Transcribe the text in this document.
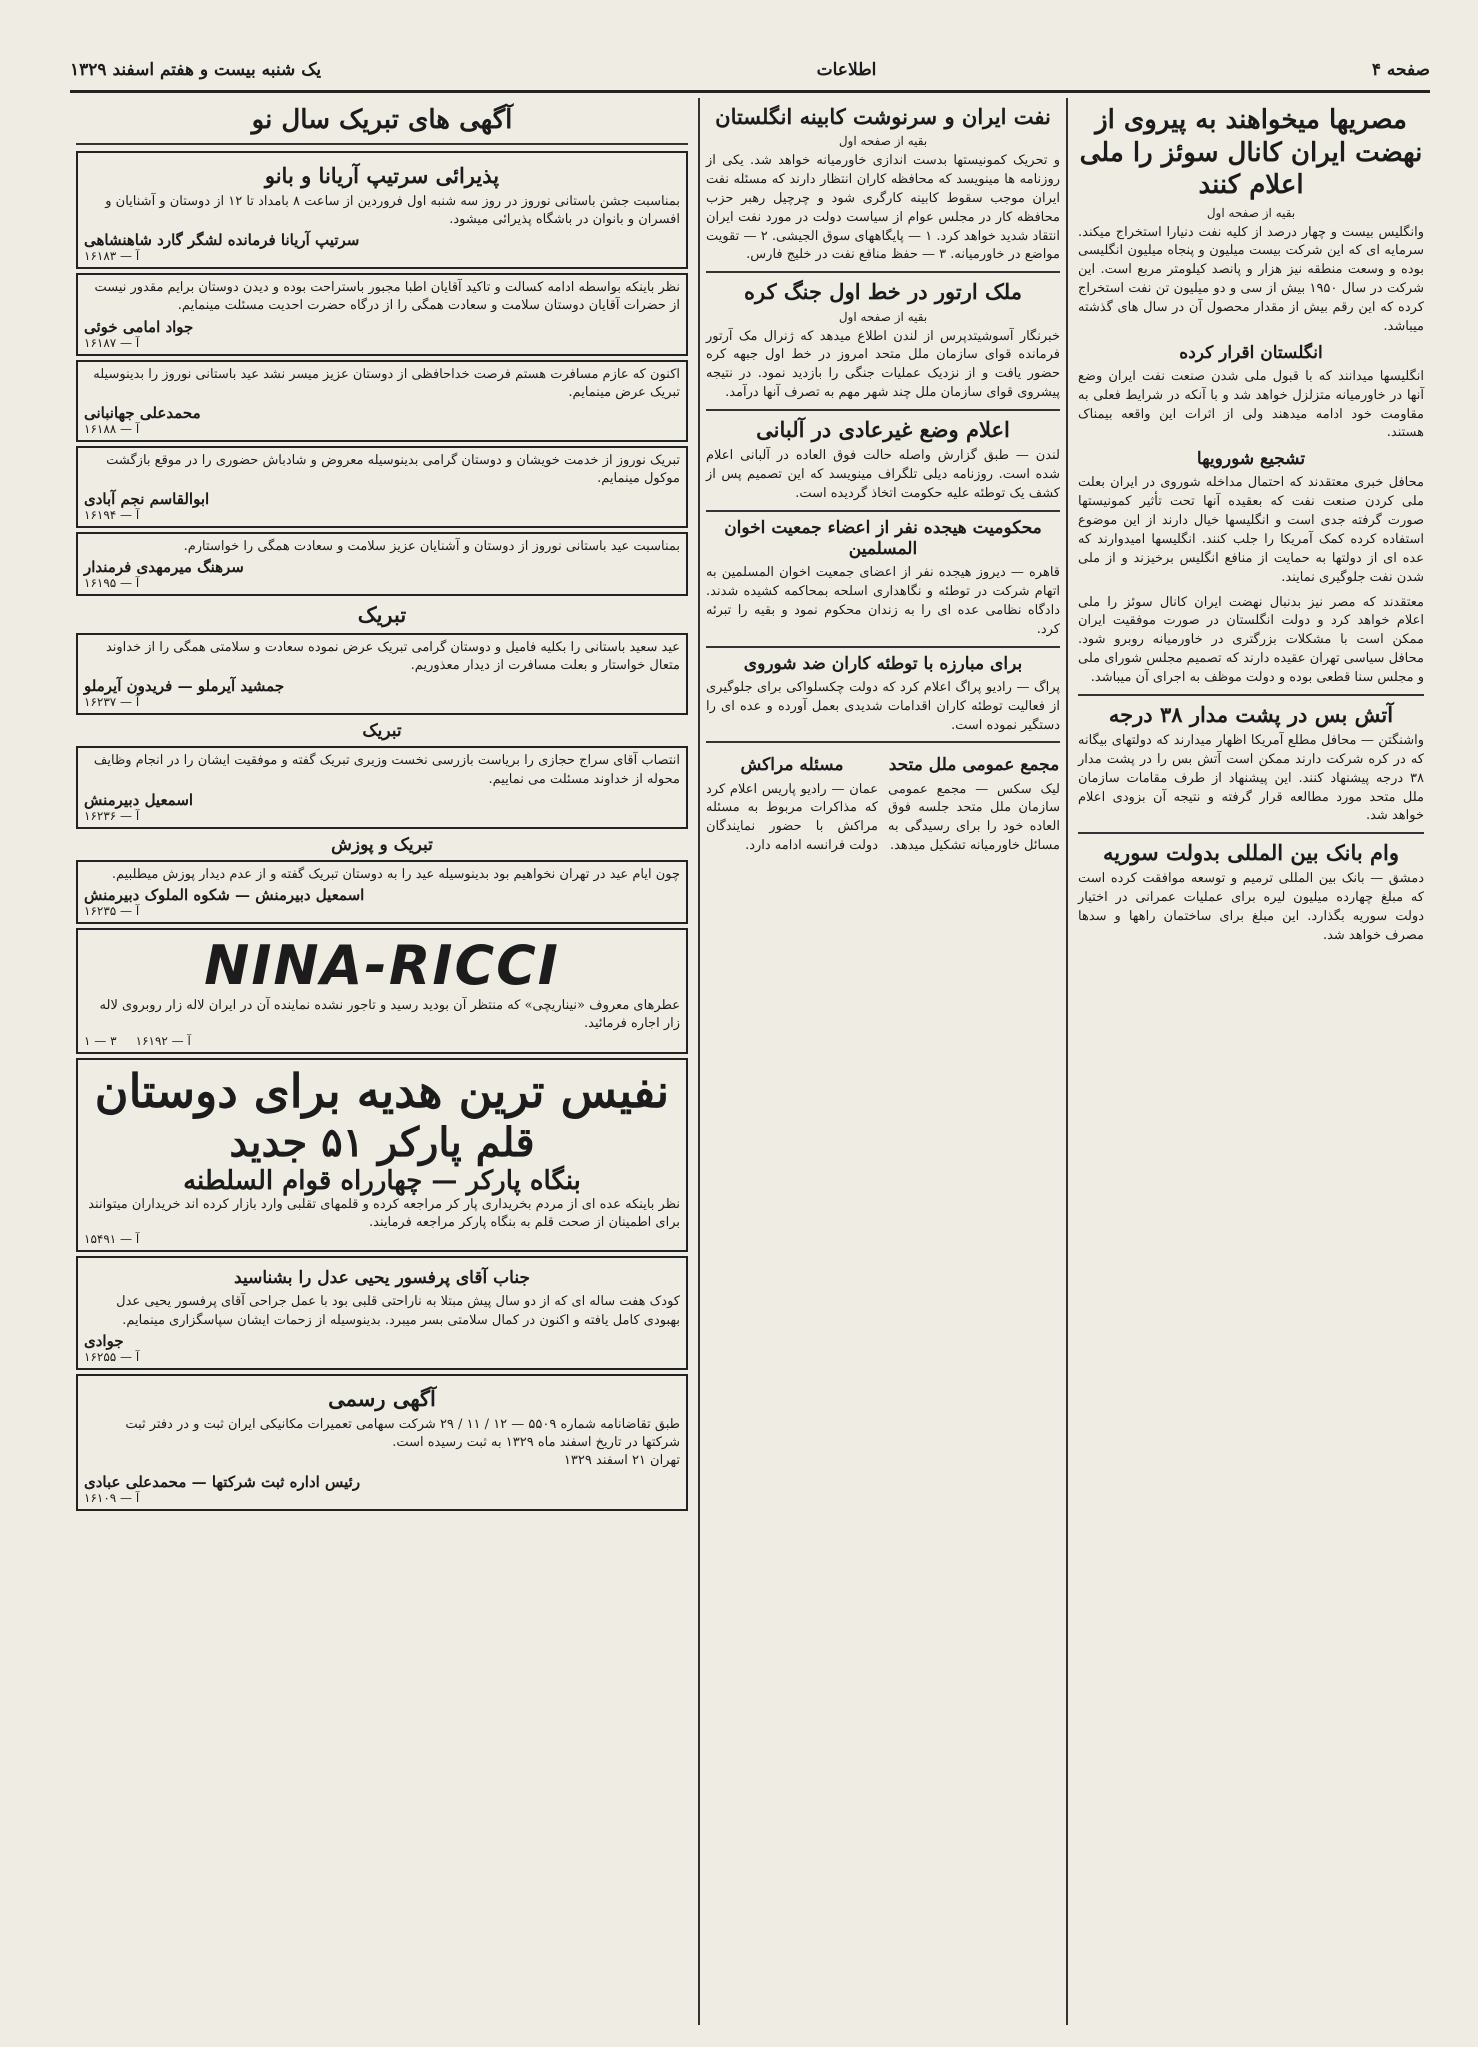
صفحه ۴
اطلاعات
یک شنبه بیست و هفتم اسفند ۱۳۲۹
مصریها میخواهند به پیروی از نهضت ایران کانال سوئز را ملی اعلام کنند
بقیه از صفحه اول

وانگلیس بیست و چهار درصد از کلیه نفت دنیارا استخراج میکند. سرمایه ای که این شرکت بیست میلیون و پنجاه میلیون انگلیسی بوده و وسعت منطقه نیز هزار و پانصد کیلومتر مربع است. این شرکت در سال ۱۹۵۰ بیش از سی و دو میلیون تن نفت استخراج کرده که این رقم بیش از مقدار محصول آن در سال های گذشته میباشد.

انگلستان اقرار کرده

انگلیسها میدانند که با قبول ملی شدن صنعت نفت ایران وضع آنها در خاورمیانه متزلزل خواهد شد و با آنکه در شرایط فعلی به مقاومت خود ادامه میدهند ولی از اثرات این واقعه بیمناک هستند.

تشجیع شورویها

محافل خبری معتقدند که احتمال مداخله شوروی در ایران بعلت ملی کردن صنعت نفت که بعقیده آنها تحت تأثیر کمونیستها صورت گرفته جدی است و انگلیسها خیال دارند از این موضوع استفاده کرده کمک آمریکا را جلب کنند. انگلیسها امیدوارند که عده ای از دولتها به حمایت از منافع انگلیس برخیزند و از ملی شدن نفت جلوگیری نمایند.

معتقدند که مصر نیز بدنبال نهضت ایران کانال سوئز را ملی اعلام خواهد کرد و دولت انگلستان در صورت موفقیت ایران ممکن است با مشکلات بزرگتری در خاورمیانه روبرو شود. محافل سیاسی تهران عقیده دارند که تصمیم مجلس شورای ملی و مجلس سنا قطعی بوده و دولت موظف به اجرای آن میباشد.

آتش بس در پشت مدار ۳۸ درجه

واشنگتن — محافل مطلع آمریکا اظهار میدارند که دولتهای بیگانه که در کره شرکت دارند ممکن است آتش بس را در پشت مدار ۳۸ درجه پیشنهاد کنند. این پیشنهاد از طرف مقامات سازمان ملل متحد مورد مطالعه قرار گرفته و نتیجه آن بزودی اعلام خواهد شد.

وام بانک بین المللی بدولت سوریه

دمشق — بانک بین المللی ترمیم و توسعه موافقت کرده است که مبلغ چهارده میلیون لیره برای عملیات عمرانی در اختیار دولت سوریه بگذارد. این مبلغ برای ساختمان راهها و سدها مصرف خواهد شد.

نفت ایران و سرنوشت کابینه انگلستان
بقیه از صفحه اول

و تحریک کمونیستها بدست اندازی خاورمیانه خواهد شد. یکی از روزنامه ها مینویسد که محافظه کاران انتظار دارند که مسئله نفت ایران موجب سقوط کابینه کارگری شود و چرچیل رهبر حزب محافظه کار در مجلس عوام از سیاست دولت در مورد نفت ایران انتقاد شدید خواهد کرد. ۱ — پایگاههای سوق الجیشی. ۲ — تقویت مواضع در خاورمیانه. ۳ — حفظ منافع نفت در خلیج فارس.

ملک ارتور در خط اول جنگ کره
بقیه از صفحه اول

خبرنگار آسوشیتدپرس از لندن اطلاع میدهد که ژنرال مک آرتور فرمانده قوای سازمان ملل متحد امروز در خط اول جبهه کره حضور یافت و از نزدیک عملیات جنگی را بازدید نمود. در نتیجه پیشروی قوای سازمان ملل چند شهر مهم به تصرف آنها درآمد.

اعلام وضع غیرعادی در آلبانی

لندن — طبق گزارش واصله حالت فوق العاده در آلبانی اعلام شده است. روزنامه دیلی تلگراف مینویسد که این تصمیم پس از کشف یک توطئه علیه حکومت اتخاذ گردیده است.

محکومیت هیجده نفر از اعضاء جمعیت اخوان المسلمین

قاهره — دیروز هیجده نفر از اعضای جمعیت اخوان المسلمین به اتهام شرکت در توطئه و نگاهداری اسلحه بمحاکمه کشیده شدند. دادگاه نظامی عده ای را به زندان محکوم نمود و بقیه را تبرئه کرد.

برای مبارزه با توطئه کاران ضد شوروی

پراگ — رادیو پراگ اعلام کرد که دولت چکسلواکی برای جلوگیری از فعالیت توطئه کاران اقدامات شدیدی بعمل آورده و عده ای را دستگیر نموده است.

مجمع عمومی ملل متحد

لیک سکس — مجمع عمومی سازمان ملل متحد جلسه فوق العاده خود را برای رسیدگی به مسائل خاورمیانه تشکیل میدهد.

مسئله مراکش

عمان — رادیو پاریس اعلام کرد که مذاکرات مربوط به مسئله مراکش با حضور نمایندگان دولت فرانسه ادامه دارد.

آگهی های تبریک سال نو
پذیرائی سرتیپ آریانا و بانو
بمناسبت جشن باستانی نوروز در روز سه شنبه اول فروردین از ساعت ۸ بامداد تا ۱۲ از دوستان و آشنایان و افسران و بانوان در باشگاه پذیرائی میشود.
سرتیپ آریانا فرمانده لشگر گارد شاهنشاهی
آ — ۱۶۱۸۳
نظر باینکه بواسطه ادامه کسالت و تاکید آقایان اطبا مجبور باستراحت بوده و دیدن دوستان برایم مقدور نیست از حضرات آقایان دوستان سلامت و سعادت همگی را از درگاه حضرت احدیت مسئلت مینمایم.
جواد امامی خوئی
آ — ۱۶۱۸۷
اکنون که عازم مسافرت هستم فرصت خداحافظی از دوستان عزیز میسر نشد عید باستانی نوروز را بدینوسیله تبریک عرض مینمایم.
محمدعلی جهانبانی
آ — ۱۶۱۸۸
تبریک نوروز از خدمت خویشان و دوستان گرامی بدینوسیله معروض و شادباش حضوری را در موقع بازگشت موکول مینمایم.
ابوالقاسم نجم آبادی
آ — ۱۶۱۹۴
بمناسبت عید باستانی نوروز از دوستان و آشنایان عزیز سلامت و سعادت همگی را خواستارم.
سرهنگ میرمهدی فرمندار
آ — ۱۶۱۹۵
تبریک
عید سعید باستانی را بکلیه فامیل و دوستان گرامی تبریک عرض نموده سعادت و سلامتی همگی را از خداوند متعال خواستار و بعلت مسافرت از دیدار معذوریم.
جمشید آیرملو — فریدون آیرملو
آ — ۱۶۲۳۷
تبریک
انتصاب آقای سراج حجازی را بریاست بازرسی نخست وزیری تبریک گفته و موفقیت ایشان را در انجام وظایف محوله از خداوند مسئلت می نماییم.
اسمعیل دبیرمنش
آ — ۱۶۲۳۶
تبریک و پوزش
چون ایام عید در تهران نخواهیم بود بدینوسیله عید را به دوستان تبریک گفته و از عدم دیدار پوزش میطلبیم.
اسمعیل دبیرمنش — شکوه الملوک دبیرمنش
آ — ۱۶۲۳۵
NINA-RICCI
عطرهای معروف «نیناریچی» که منتظر آن بودید رسید و تاجور نشده نماینده آن در ایران لاله زار روبروی لاله زار اجاره فرمائید.
آ — ۱۶۱۹۲     ۳ — ۱
نفیس ترین هدیه برای دوستان
قلم پارکر ۵۱ جدید
بنگاه پارکر — چهارراه قوام السلطنه
نظر باینکه عده ای از مردم بخریداری پار کر مراجعه کرده و قلمهای تقلبی وارد بازار کرده اند خریداران میتوانند برای اطمینان از صحت قلم به بنگاه پارکر مراجعه فرمایند.
آ — ۱۵۴۹۱
جناب آقای پرفسور یحیی عدل را بشناسید
کودک هفت ساله ای که از دو سال پیش مبتلا به ناراحتی قلبی بود با عمل جراحی آقای پرفسور یحیی عدل بهبودی کامل یافته و اکنون در کمال سلامتی بسر میبرد. بدینوسیله از زحمات ایشان سپاسگزاری مینمایم.
جوادی
آ — ۱۶۲۵۵
آگهی رسمی
طبق تقاضانامه شماره ۵۵۰۹ — ۱۲ / ۱۱ / ۲۹ شرکت سهامی تعمیرات مکانیکی ایران ثبت و در دفتر ثبت شرکتها در تاریخ اسفند ماه ۱۳۲۹ به ثبت رسیده است.
تهران ۲۱ اسفند ۱۳۲۹
رئیس اداره ثبت شرکتها — محمدعلی عبادی
آ — ۱۶۱۰۹
